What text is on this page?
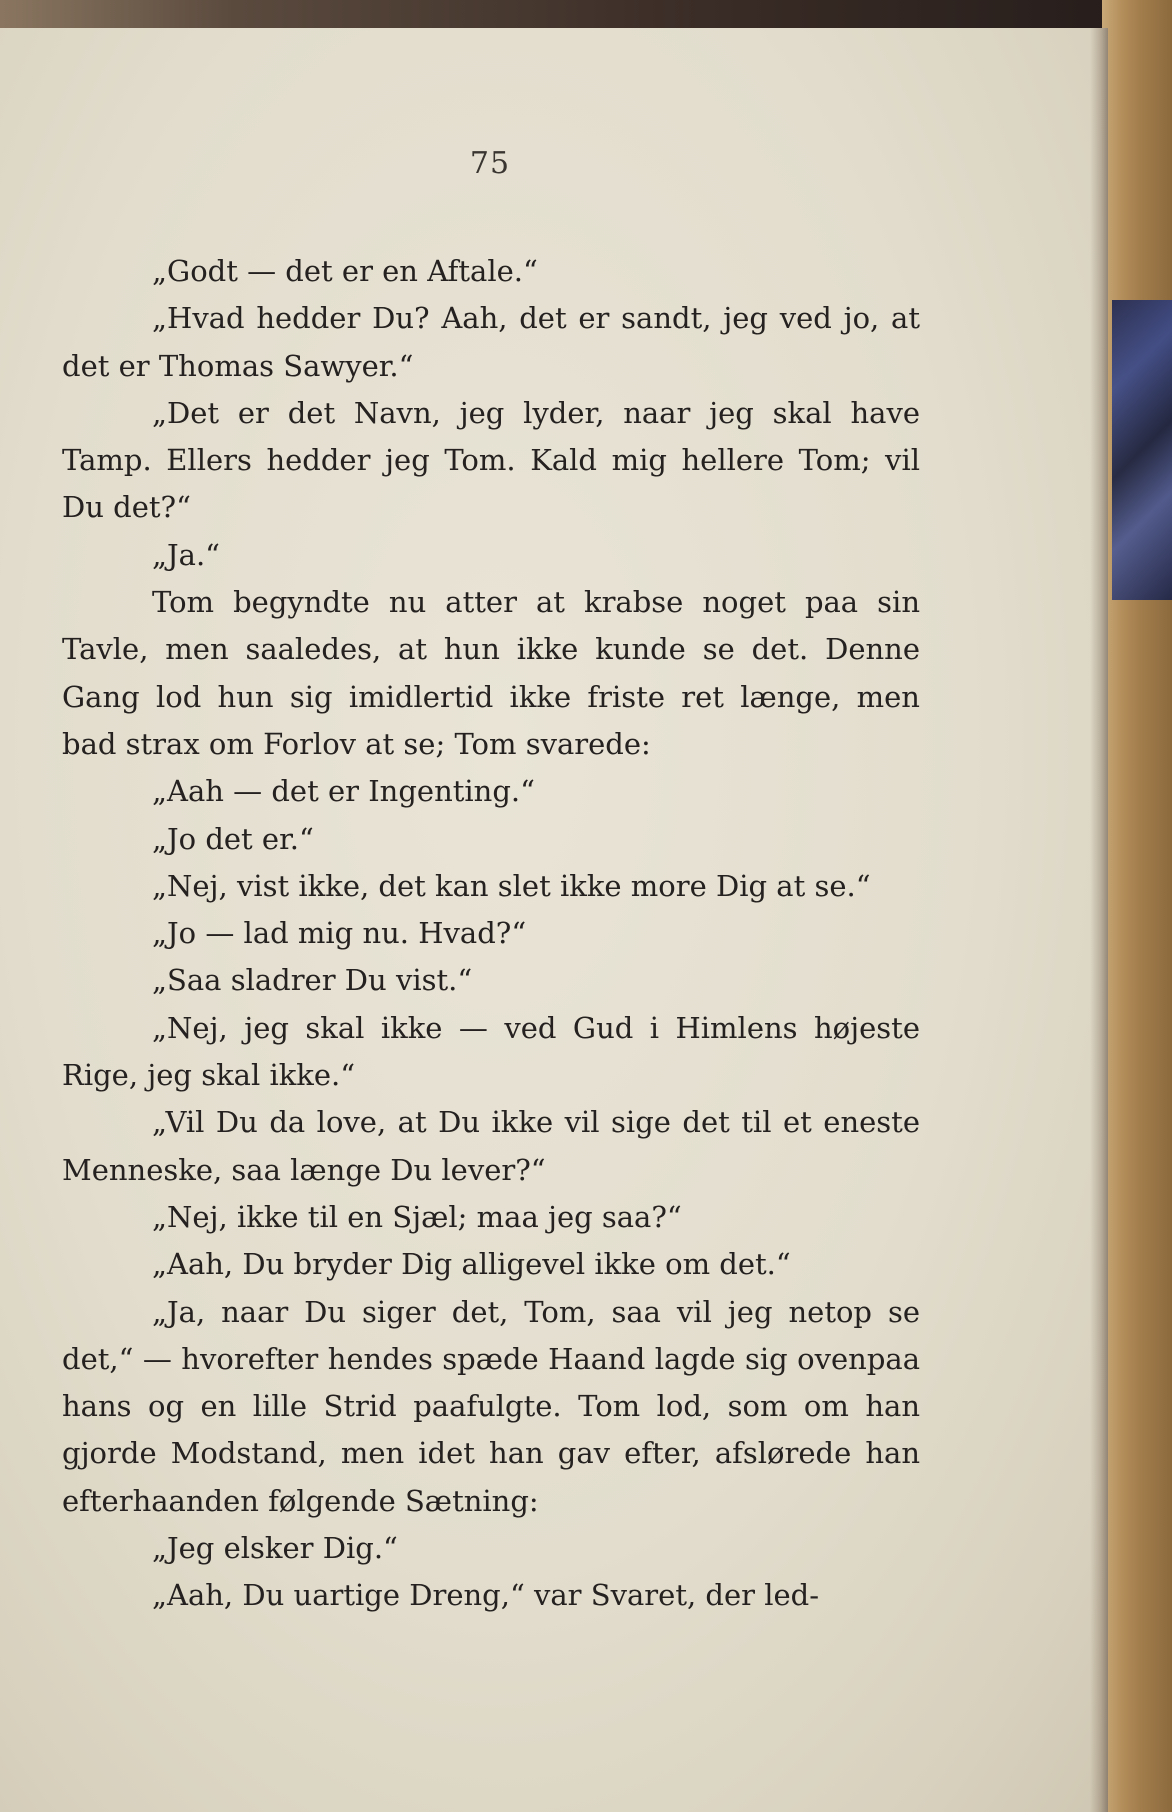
75

„Godt — det er en Aftale.“

„Hvad hedder Du? Aah, det er sandt, jeg ved jo, at det er Thomas Sawyer.“

„Det er det Navn, jeg lyder, naar jeg skal have Tamp. Ellers hedder jeg Tom. Kald mig hellere Tom; vil Du det?“

„Ja.“

Tom begyndte nu atter at krabse noget paa sin Tavle, men saaledes, at hun ikke kunde se det. Denne Gang lod hun sig imidlertid ikke friste ret længe, men bad strax om Forlov at se; Tom svarede:

„Aah — det er Ingenting.“

„Jo det er.“

„Nej, vist ikke, det kan slet ikke more Dig at se.“

„Jo — lad mig nu. Hvad?“

„Saa sladrer Du vist.“

„Nej, jeg skal ikke — ved Gud i Himlens højeste Rige, jeg skal ikke.“

„Vil Du da love, at Du ikke vil sige det til et eneste Menneske, saa længe Du lever?“

„Nej, ikke til en Sjæl; maa jeg saa?“

„Aah, Du bryder Dig alligevel ikke om det.“

„Ja, naar Du siger det, Tom, saa vil jeg netop se det,“ — hvorefter hendes spæde Haand lagde sig ovenpaa hans og en lille Strid paafulgte. Tom lod, som om han gjorde Modstand, men idet han gav efter, afslørede han efterhaanden følgende Sætning:

„Jeg elsker Dig.“

„Aah, Du uartige Dreng,“ var Svaret, der led-
